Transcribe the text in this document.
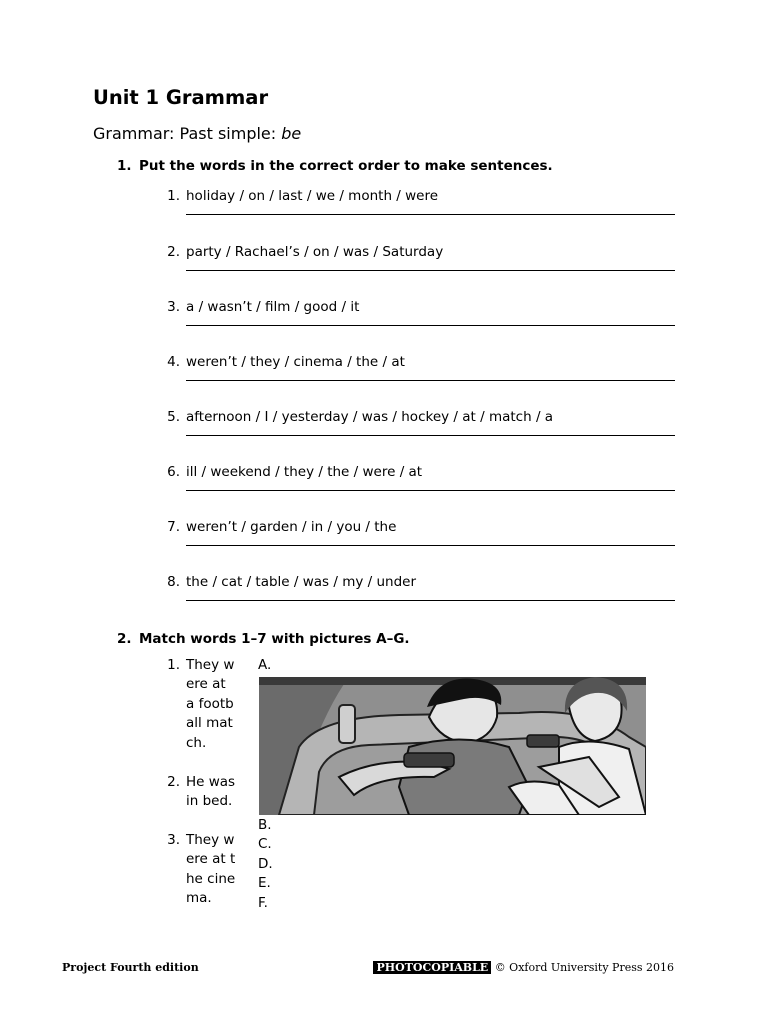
Unit 1 Grammar
Grammar: Past simple: be
1. Put the words in the correct order to make sentences.
1. holiday / on / last / we / month / were
2. party / Rachael’s / on / was / Saturday
3. a / wasn’t / film / good / it
4. weren’t / they / cinema / the / at
5. afternoon / I / yesterday / was / hockey / at / match / a
6. ill / weekend / they / the / were / at
7. weren’t / garden / in / you / the
8. the / cat / table / was / my / under
2. Match words 1–7 with pictures A–G.
1. They were at a football match.
2. He was in bed.
3. They were at the cinema.
A.
B.
C.
D.
E.
F.
Project Fourth edition	PHOTOCOPIABLE © Oxford University Press 2016
